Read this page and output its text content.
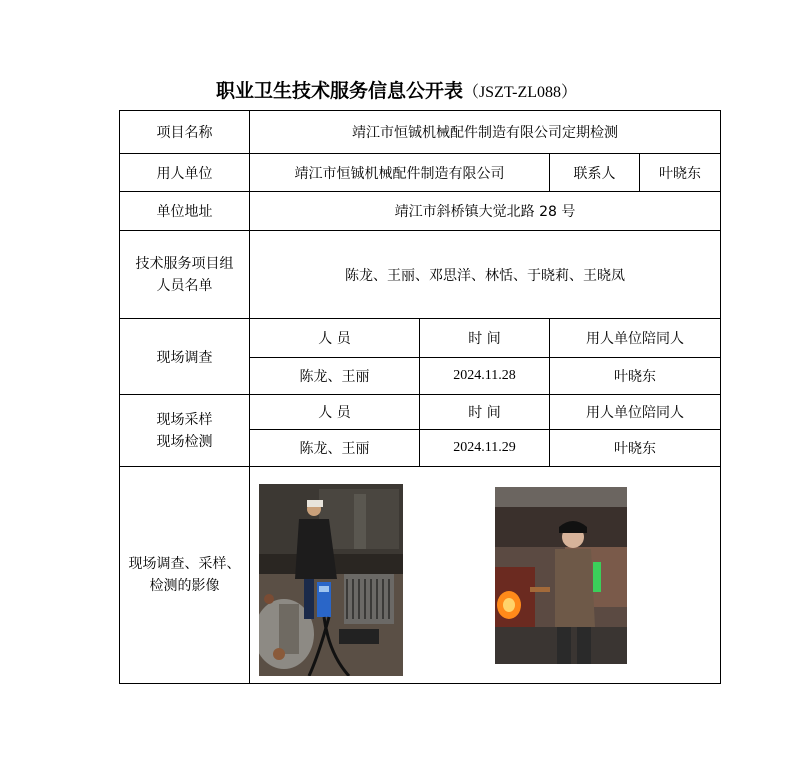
职业卫生技术服务信息公开表（JSZT-ZL088）
项目名称	靖江市恒铖机械配件制造有限公司定期检测			
用人单位	靖江市恒铖机械配件制造有限公司		联系人	叶晓东
单位地址	靖江市斜桥镇大觉北路 28 号			

技术服务项目组
人员名单	陈龙、王丽、邓思洋、林恬、于晓莉、王晓凤			
现场调查	人 员	时 间	用人单位陪同人	
	陈龙、王丽	2024.11.28	叶晓东	

现场采样
现场检测	人 员	时 间	用人单位陪同人	
	陈龙、王丽	2024.11.29	叶晓东	

现场调查、采样、
检测的影像
